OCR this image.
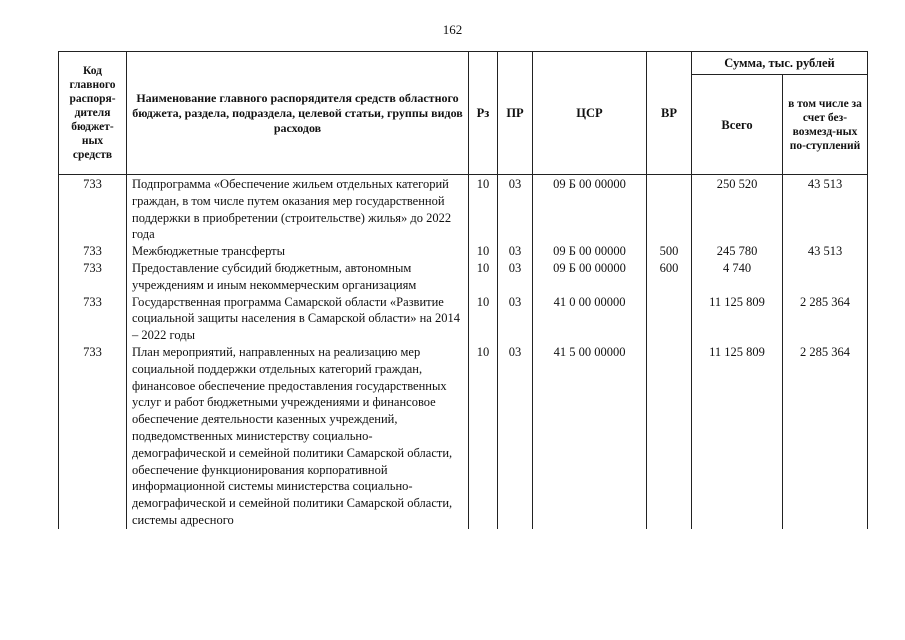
162
Код главного распоря-дителя бюджет-ных средств	Наименование главного распорядителя средств областного бюджета, раздела, подраздела, целевой статьи, группы видов расходов	Рз	ПР	ЦСР	ВР	Сумма, тыс. рублей	
						Всего	в том числе за счет без-возмезд-ных по-ступлений
733	Подпрограмма «Обеспечение жильем отдельных категорий граждан, в том числе путем оказания мер государственной поддержки в приобретении (строительстве) жилья» до 2022 года	10	03	09 Б 00 00000		250 520	43 513
733	Межбюджетные трансферты	10	03	09 Б 00 00000	500	245 780	43 513
733	Предоставление субсидий бюджетным, автономным учреждениям и иным некоммерческим организациям	10	03	09 Б 00 00000	600	4 740	
733	Государственная программа Самарской области «Развитие социальной защиты населения в Самарской области» на 2014 – 2022 годы	10	03	41 0 00 00000		11 125 809	2 285 364
733	План мероприятий, направленных на реализацию мер социальной поддержки отдельных категорий граждан, финансовое обеспечение предоставления государственных услуг и работ бюджетными учреждениями и финансовое обеспечение деятельности казенных учреждений, подведомственных министерству социально-демографической и семейной политики Самарской области, обеспечение функционирования корпоративной информационной системы министерства социально-демографической и семейной политики Самарской области, системы адресного	10	03	41 5 00 00000		11 125 809	2 285 364
